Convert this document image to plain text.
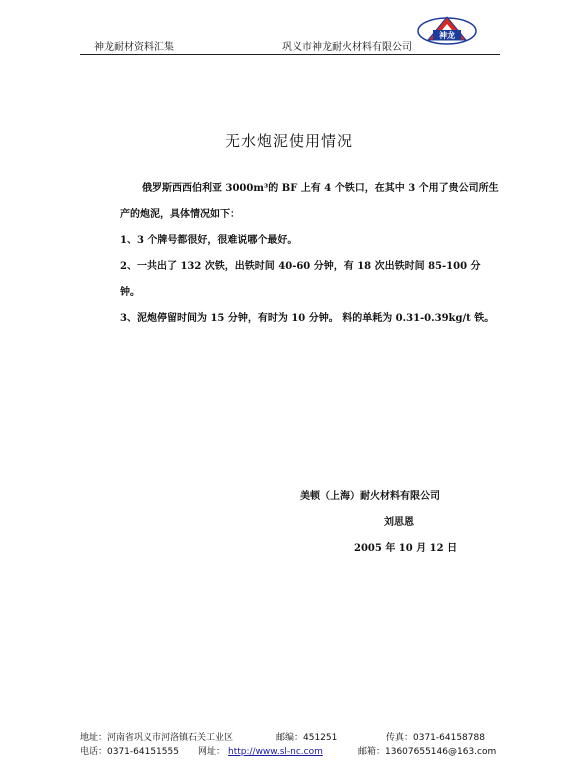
神龙耐材资料汇集	巩义市神龙耐火材料有限公司
神龙
无水炮泥使用情况

俄罗斯西西伯利亚 3000m³的 BF 上有 4 个铁口，在其中 3 个用了贵公司所生产的炮泥，具体情况如下：

1、3 个牌号都很好，很难说哪个最好。

2、一共出了 132 次铁，出铁时间 40-60 分钟，有 18 次出铁时间 85-100 分钟。

3、泥炮停留时间为 15 分钟，有时为 10 分钟。 料的单耗为 0.31-0.39kg/t 铁。

美顿（上海）耐火材料有限公司
刘思恩
2005 年 10 月 12 日
地址：河南省巩义市河洛镇石关工业区	邮编：451251	传真：0371-64158788
电话：0371-64151555 网址： http://www.sl-nc.com	邮箱：13607655146@163.com
